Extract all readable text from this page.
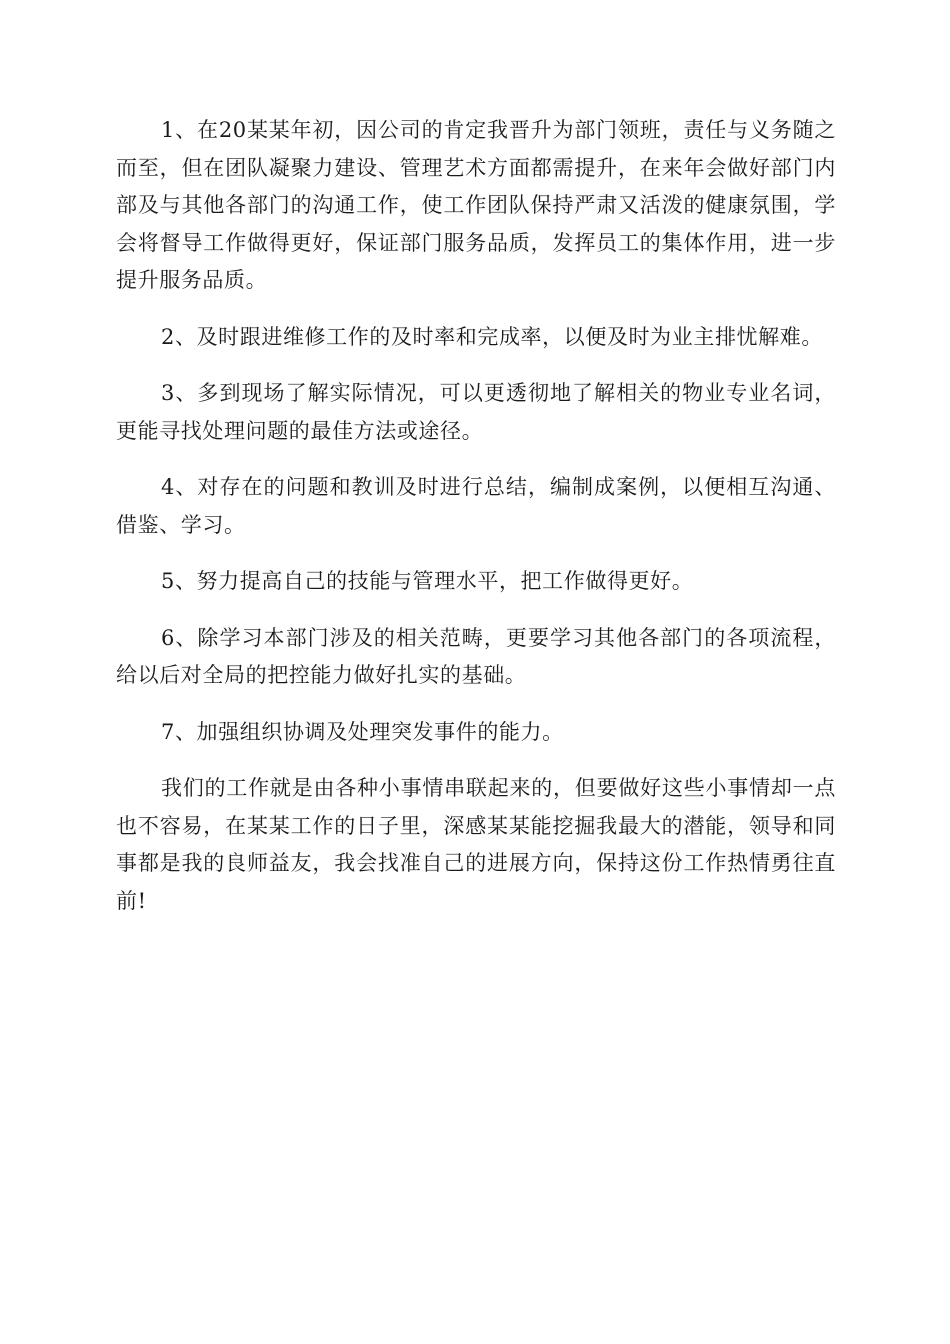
1、在20某某年初，因公司的肯定我晋升为部门领班，责任与义务随之而至，但在团队凝聚力建设、管理艺术方面都需提升，在来年会做好部门内部及与其他各部门的沟通工作，使工作团队保持严肃又活泼的健康氛围，学会将督导工作做得更好，保证部门服务品质，发挥员工的集体作用，进一步提升服务品质。

2、及时跟进维修工作的及时率和完成率，以便及时为业主排忧解难。

3、多到现场了解实际情况，可以更透彻地了解相关的物业专业名词，更能寻找处理问题的最佳方法或途径。

4、对存在的问题和教训及时进行总结，编制成案例，以便相互沟通、借鉴、学习。

5、努力提高自己的技能与管理水平，把工作做得更好。

6、除学习本部门涉及的相关范畴，更要学习其他各部门的各项流程，给以后对全局的把控能力做好扎实的基础。

7、加强组织协调及处理突发事件的能力。

我们的工作就是由各种小事情串联起来的，但要做好这些小事情却一点也不容易，在某某工作的日子里，深感某某能挖掘我最大的潜能，领导和同事都是我的良师益友，我会找准自己的进展方向，保持这份工作热情勇往直前!
